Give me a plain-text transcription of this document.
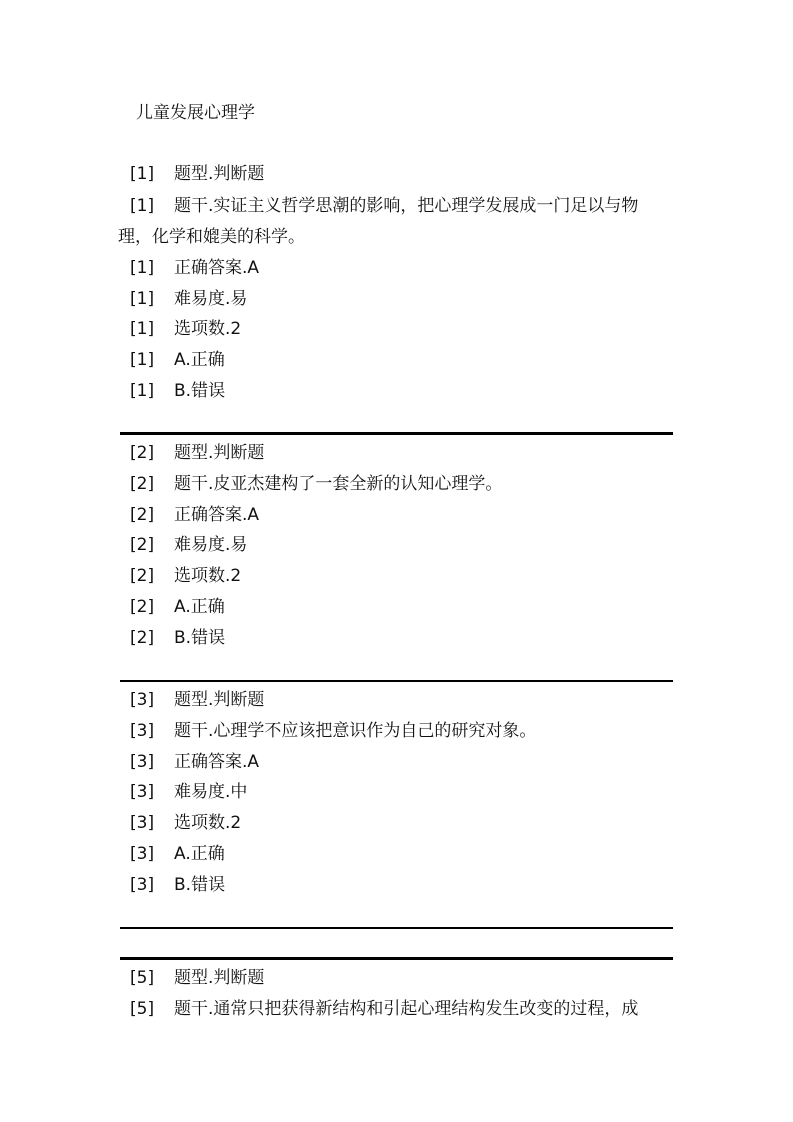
儿童发展心理学
[1] 题型.判断题
[1] 题干.实证主义哲学思潮的影响，把心理学发展成一门足以与物
理，化学和媲美的科学。
[1] 正确答案.A
[1] 难易度.易
[1] 选项数.2
[1] A.正确
[1] B.错误
[2] 题型.判断题
[2] 题干.皮亚杰建构了一套全新的认知心理学。
[2] 正确答案.A
[2] 难易度.易
[2] 选项数.2
[2] A.正确
[2] B.错误
[3] 题型.判断题
[3] 题干.心理学不应该把意识作为自己的研究对象。
[3] 正确答案.A
[3] 难易度.中
[3] 选项数.2
[3] A.正确
[3] B.错误
[5] 题型.判断题
[5] 题干.通常只把获得新结构和引起心理结构发生改变的过程，成
